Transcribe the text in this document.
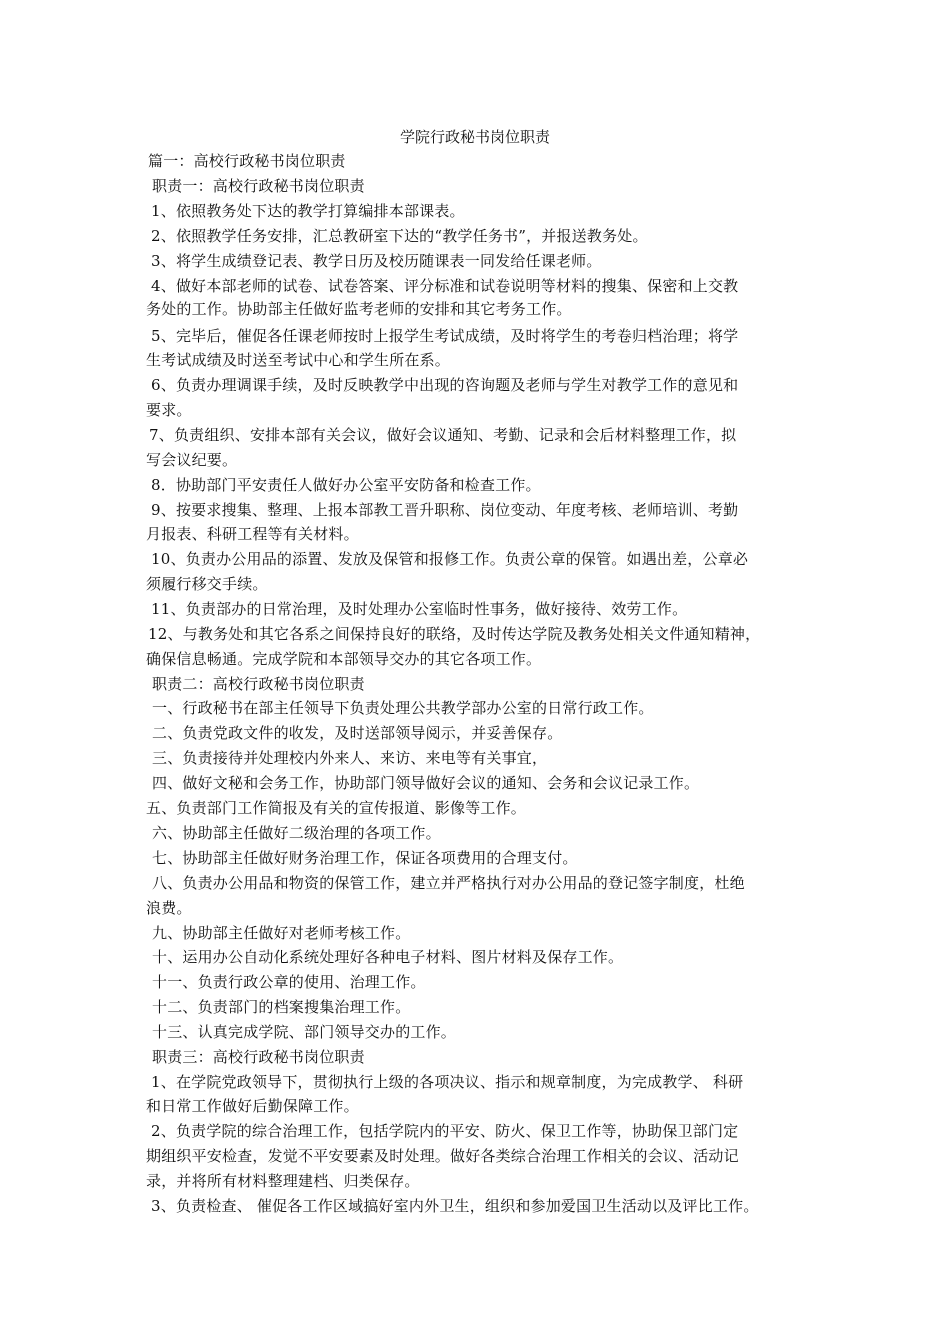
学院行政秘书岗位职责
篇一：高校行政秘书岗位职责
职责一：高校行政秘书岗位职责
1、依照教务处下达的教学打算编排本部课表。
2、依照教学任务安排，汇总教研室下达的“教学任务书”，并报送教务处。
3、将学生成绩登记表、教学日历及校历随课表一同发给任课老师。
4、做好本部老师的试卷、试卷答案、评分标准和试卷说明等材料的搜集、保密和上交教
务处的工作。协助部主任做好监考老师的安排和其它考务工作。
5、完毕后，催促各任课老师按时上报学生考试成绩，及时将学生的考卷归档治理；将学
生考试成绩及时送至考试中心和学生所在系。
6、负责办理调课手续，及时反映教学中出现的咨询题及老师与学生对教学工作的意见和
要求。
7、负责组织、安排本部有关会议，做好会议通知、考勤、记录和会后材料整理工作，拟
写会议纪要。
8．协助部门平安责任人做好办公室平安防备和检查工作。
9、按要求搜集、整理、上报本部教工晋升职称、岗位变动、年度考核、老师培训、考勤
月报表、科研工程等有关材料。
10、负责办公用品的添置、发放及保管和报修工作。负责公章的保管。如遇出差，公章必
须履行移交手续。
11、负责部办的日常治理，及时处理办公室临时性事务，做好接待、效劳工作。
12、与教务处和其它各系之间保持良好的联络，及时传达学院及教务处相关文件通知精神，
确保信息畅通。完成学院和本部领导交办的其它各项工作。
职责二：高校行政秘书岗位职责
一、行政秘书在部主任领导下负责处理公共教学部办公室的日常行政工作。
二、负责党政文件的收发，及时送部领导阅示，并妥善保存。
三、负责接待并处理校内外来人、来访、来电等有关事宜，
四、做好文秘和会务工作，协助部门领导做好会议的通知、会务和会议记录工作。
五、负责部门工作简报及有关的宣传报道、影像等工作。
六、协助部主任做好二级治理的各项工作。
七、协助部主任做好财务治理工作，保证各项费用的合理支付。
八、负责办公用品和物资的保管工作，建立并严格执行对办公用品的登记签字制度，杜绝
浪费。
九、协助部主任做好对老师考核工作。
十、运用办公自动化系统处理好各种电子材料、图片材料及保存工作。
十一、负责行政公章的使用、治理工作。
十二、负责部门的档案搜集治理工作。
十三、认真完成学院、部门领导交办的工作。
职责三：高校行政秘书岗位职责
1、在学院党政领导下，贯彻执行上级的各项决议、指示和规章制度，为完成教学、 科研
和日常工作做好后勤保障工作。
2、负责学院的综合治理工作，包括学院内的平安、防火、保卫工作等，协助保卫部门定
期组织平安检查，发觉不平安要素及时处理。做好各类综合治理工作相关的会议、活动记
录，并将所有材料整理建档、归类保存。
3、负责检查、 催促各工作区域搞好室内外卫生，组织和参加爱国卫生活动以及评比工作。
